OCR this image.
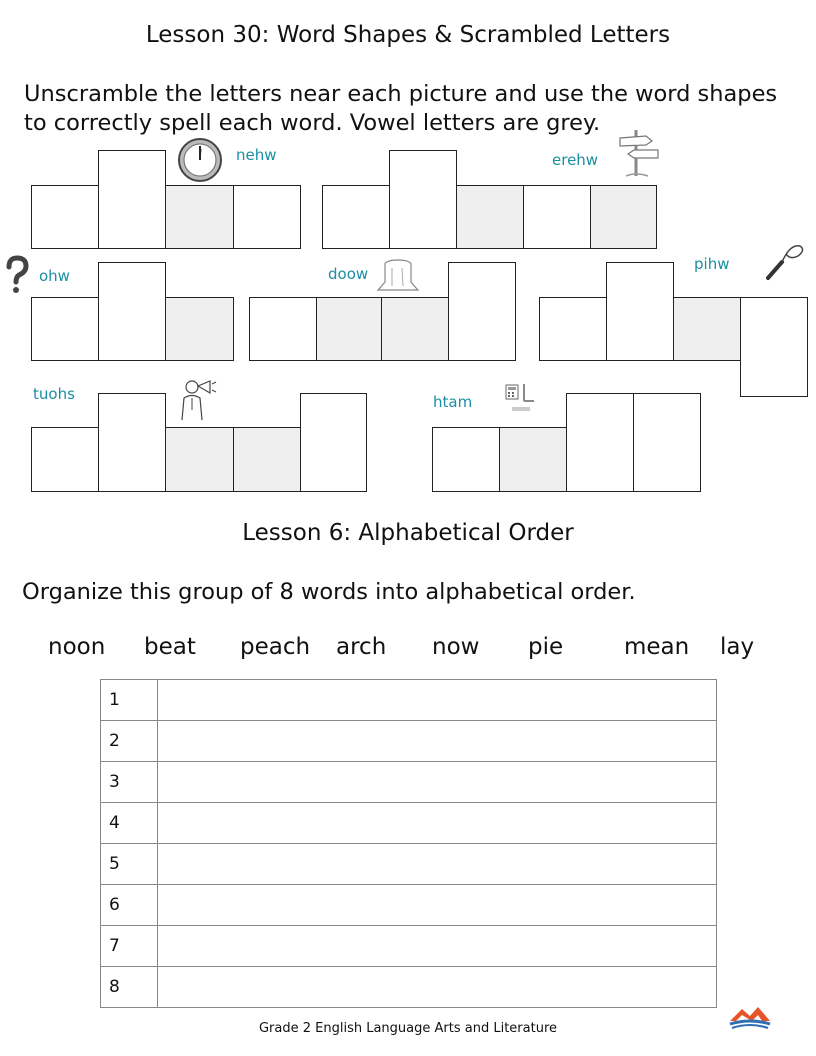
Lesson 30: Word Shapes & Scrambled Letters
Unscramble the letters near each picture and use the word shapes
to correctly spell each word. Vowel letters are grey.
nehw	erehw
ohw	doow
pihw
tuohs	htam
Lesson 6: Alphabetical Order
Organize this group of 8 words into alphabetical order.
noon beat peach arch now pie	mean lay
1	
2	
3	
4	
5	
6	
7	
8	
Grade 2 English Language Arts and Literature
